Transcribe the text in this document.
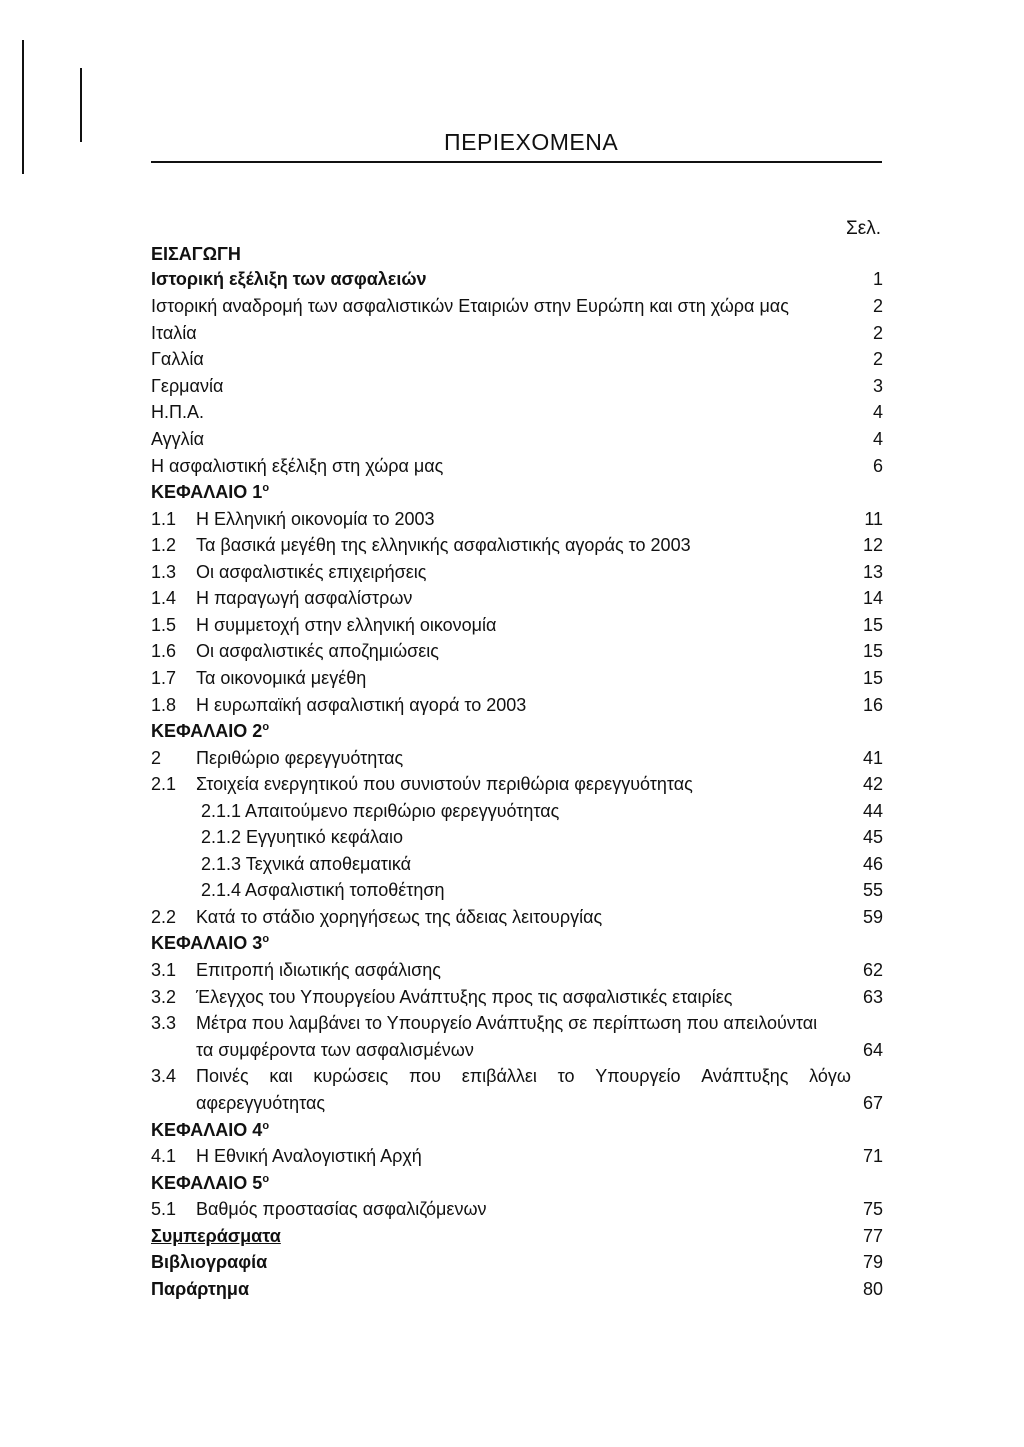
ΠΕΡΙΕΧΟΜΕΝΑ
Σελ.
ΕΙΣΑΓΩΓΗ
Ιστορική εξέλιξη των ασφαλειών	1
Ιστορική αναδρομή των ασφαλιστικών Εταιριών στην Ευρώπη και στη χώρα μας	2
Ιταλία	2
Γαλλία	2
Γερμανία	3
Η.Π.Α.	4
Αγγλία	4
Η ασφαλιστική εξέλιξη στη χώρα μας	6
ΚΕΦΑΛΑΙΟ $1^o$
1.1 Η Ελληνική οικονομία το 2003	11
1.2 Τα βασικά μεγέθη της ελληνικής ασφαλιστικής αγοράς το 2003	12
1.3 Οι ασφαλιστικές επιχειρήσεις	13
1.4 Η παραγωγή ασφαλίστρων	14
1.5 Η συμμετοχή στην ελληνική οικονομία	15
1.6 Οι ασφαλιστικές αποζημιώσεις	15
1.7 Τα οικονομικά μεγέθη	15
1.8 Η ευρωπαϊκή ασφαλιστική αγορά το 2003	16
ΚΕΦΑΛΑΙΟ $2^o$
2 Περιθώριο φερεγγυότητας	41
2.1 Στοιχεία ενεργητικού που συνιστούν περιθώρια φερεγγυότητας	42
2.1.1 Απαιτούμενο περιθώριο φερεγγυότητας	44
2.1.2 Εγγυητικό κεφάλαιο	45
2.1.3 Τεχνικά αποθεματικά	46
2.1.4 Ασφαλιστική τοποθέτηση	55
2.2 Κατά το στάδιο χορηγήσεως της άδειας λειτουργίας	59
ΚΕΦΑΛΑΙΟ $3^o$
3.1 Επιτροπή ιδιωτικής ασφάλισης	62
3.2 Έλεγχος του Υπουργείου Ανάπτυξης προς τις ασφαλιστικές εταιρίες	63
3.3 Μέτρα που λαμβάνει το Υπουργείο Ανάπτυξης σε περίπτωση που απειλούνται
τα συμφέροντα των ασφαλισμένων	64
3.4 Ποινές και κυρώσεις που επιβάλλει το Υπουργείο Ανάπτυξης λόγω
αφερεγγυότητας	67
ΚΕΦΑΛΑΙΟ $4^o$
4.1 Η Εθνική Αναλογιστική Αρχή	71
ΚΕΦΑΛΑΙΟ $5^o$
5.1 Βαθμός προστασίας ασφαλιζόμενων	75
Συμπεράσματα	77
Βιβλιογραφία	79
Παράρτημα	80
